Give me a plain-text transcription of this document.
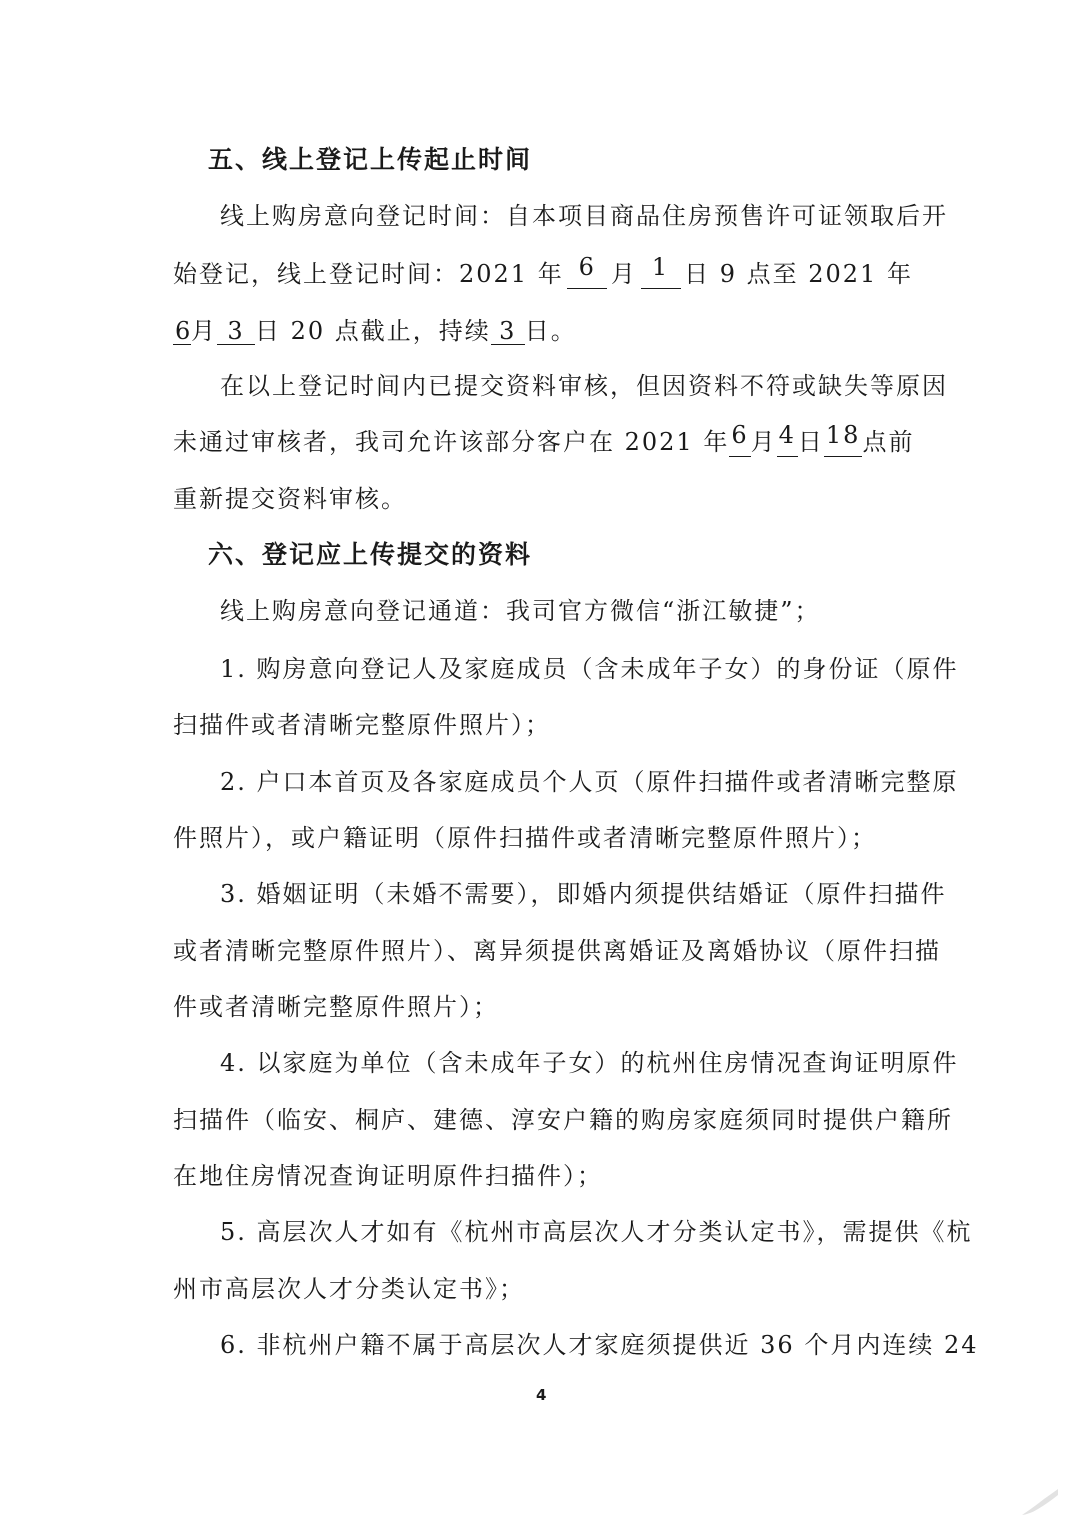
五、线上登记上传起止时间
线上购房意向登记时间：自本项目商品住房预售许可证领取后开
始登记，线上登记时间：2021 年 6 月 1 日 9 点至 2021 年
6月 3 日 20 点截止，持续 3 日。
在以上登记时间内已提交资料审核，但因资料不符或缺失等原因
未通过审核者，我司允许该部分客户在 2021 年 6 月 4 日 18 点前
重新提交资料审核。
六、登记应上传提交的资料
线上购房意向登记通道：我司官方微信“浙江敏捷”；
1. 购房意向登记人及家庭成员（含未成年子女）的身份证（原件
扫描件或者清晰完整原件照片）；
2. 户口本首页及各家庭成员个人页（原件扫描件或者清晰完整原
件照片），或户籍证明（原件扫描件或者清晰完整原件照片）；
3. 婚姻证明（未婚不需要），即婚内须提供结婚证（原件扫描件
或者清晰完整原件照片）、离异须提供离婚证及离婚协议（原件扫描
件或者清晰完整原件照片）；
4. 以家庭为单位（含未成年子女）的杭州住房情况查询证明原件
扫描件（临安、桐庐、建德、淳安户籍的购房家庭须同时提供户籍所
在地住房情况查询证明原件扫描件）；
5. 高层次人才如有《杭州市高层次人才分类认定书》，需提供《杭
州市高层次人才分类认定书》；
6. 非杭州户籍不属于高层次人才家庭须提供近 36 个月内连续 24
4
